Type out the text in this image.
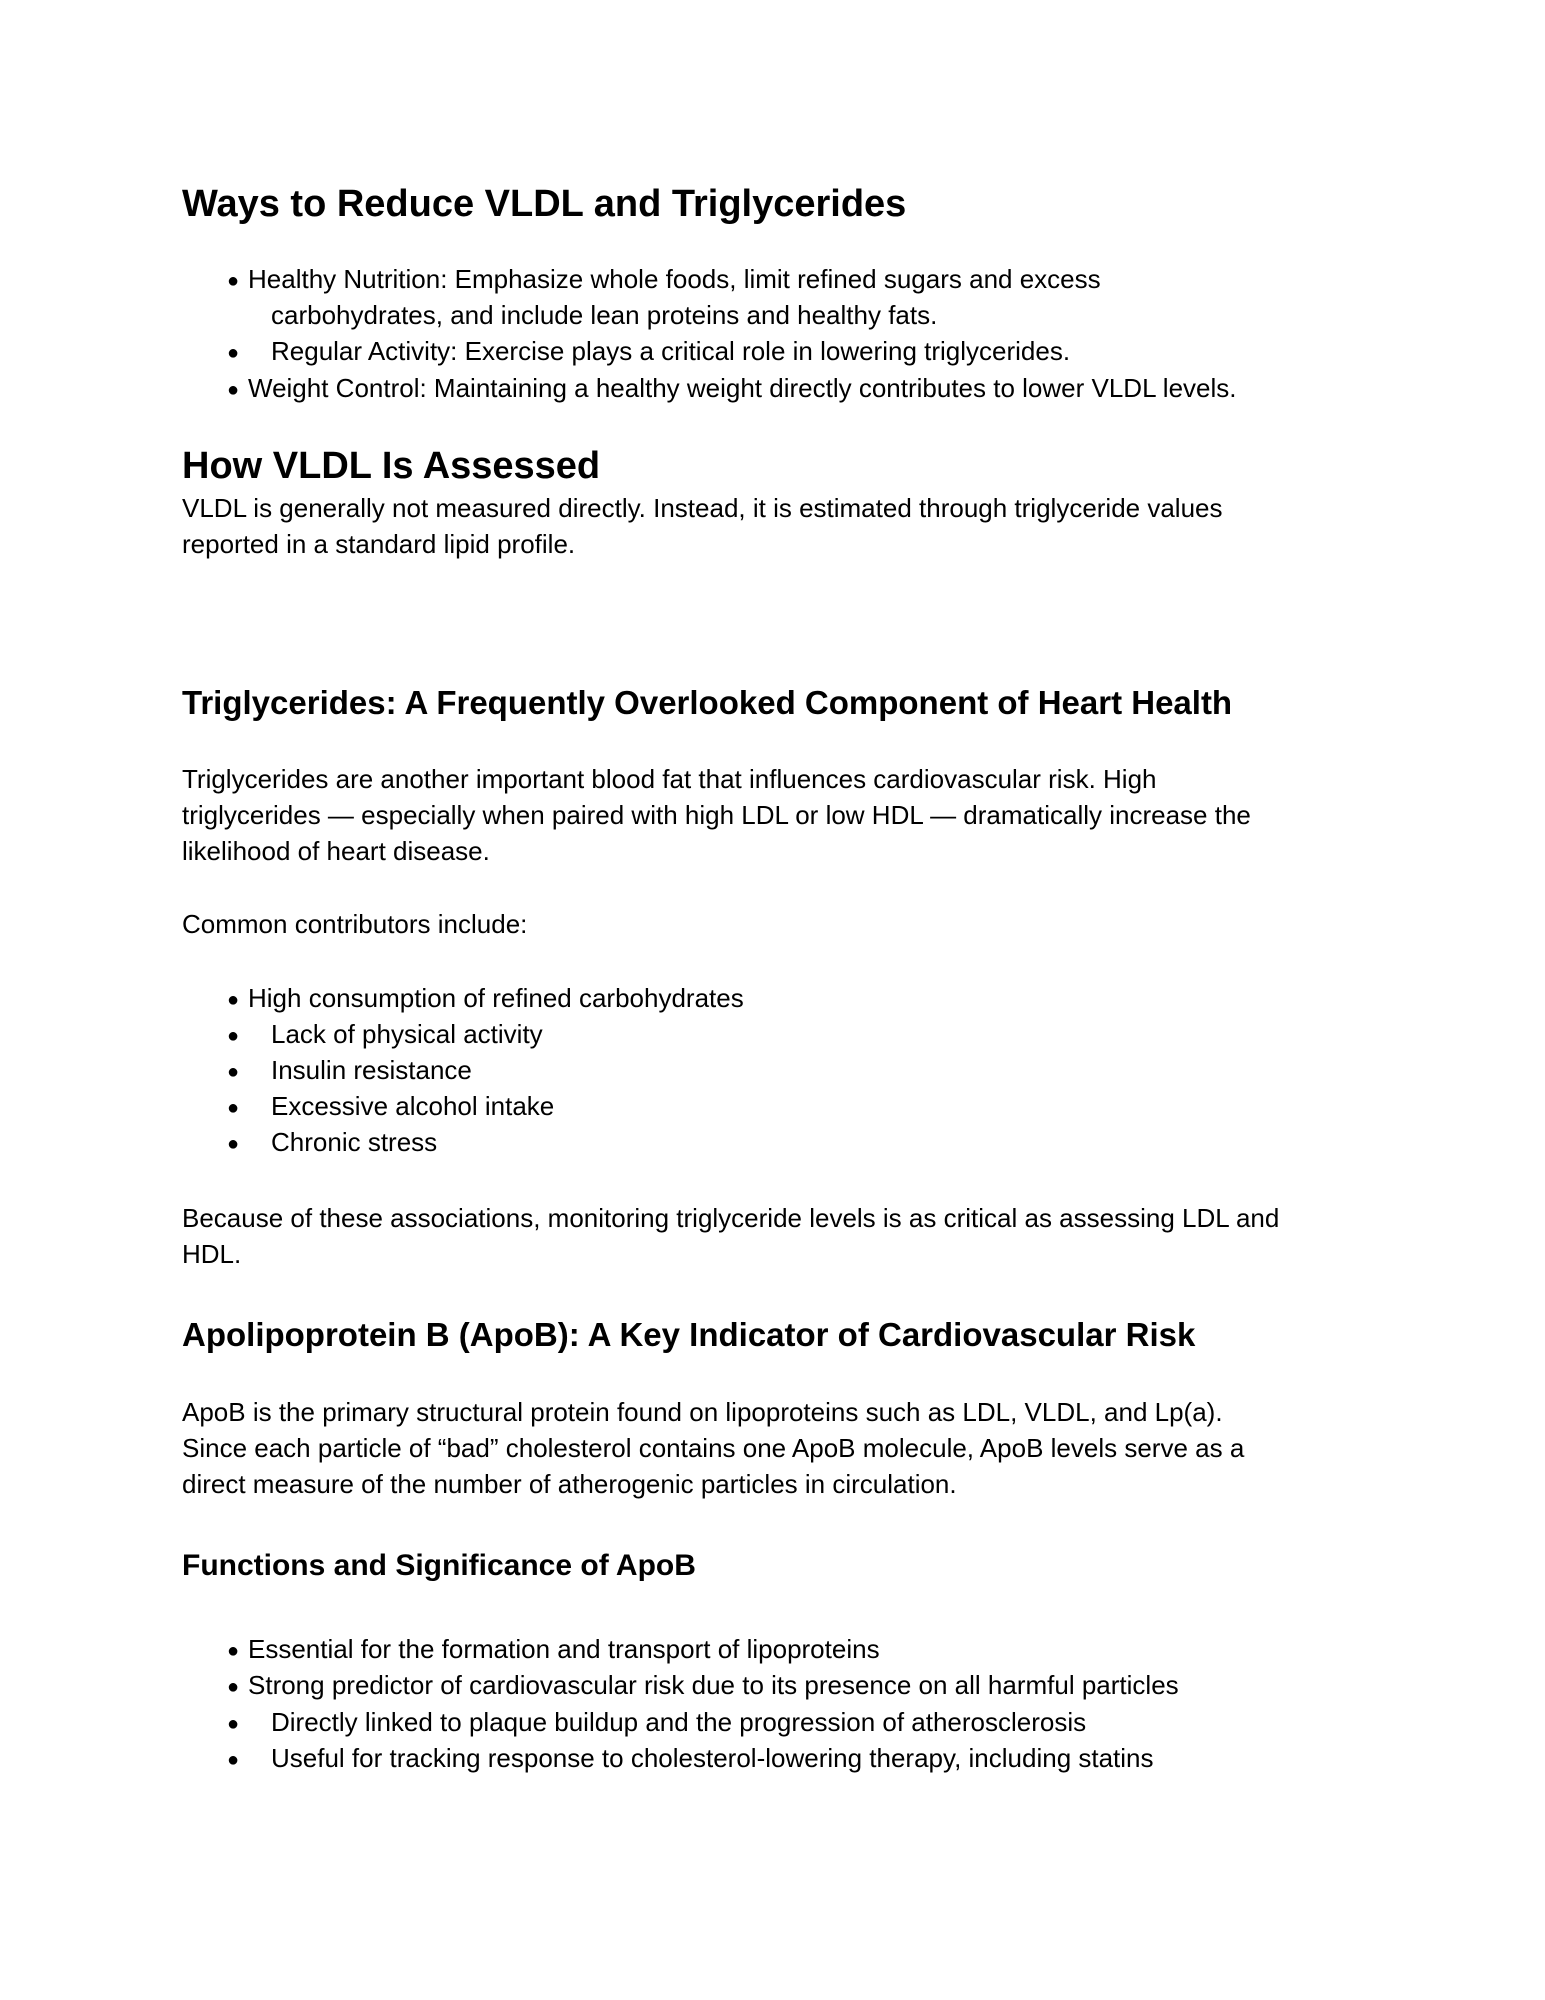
Ways to Reduce VLDL and Triglycerides
● Healthy Nutrition: Emphasize whole foods, limit refined sugars and excess
carbohydrates, and include lean proteins and healthy fats.
● Regular Activity: Exercise plays a critical role in lowering triglycerides.
● Weight Control: Maintaining a healthy weight directly contributes to lower VLDL levels.
How VLDL Is Assessed
VLDL is generally not measured directly. Instead, it is estimated through triglyceride values
reported in a standard lipid profile.
Triglycerides: A Frequently Overlooked Component of Heart Health
Triglycerides are another important blood fat that influences cardiovascular risk. High
triglycerides — especially when paired with high LDL or low HDL — dramatically increase the
likelihood of heart disease.
Common contributors include:
● High consumption of refined carbohydrates
● Lack of physical activity
● Insulin resistance
● Excessive alcohol intake
● Chronic stress
Because of these associations, monitoring triglyceride levels is as critical as assessing LDL and
HDL.
Apolipoprotein B (ApoB): A Key Indicator of Cardiovascular Risk
ApoB is the primary structural protein found on lipoproteins such as LDL, VLDL, and Lp(a).
Since each particle of “bad” cholesterol contains one ApoB molecule, ApoB levels serve as a
direct measure of the number of atherogenic particles in circulation.
Functions and Significance of ApoB
● Essential for the formation and transport of lipoproteins
● Strong predictor of cardiovascular risk due to its presence on all harmful particles
● Directly linked to plaque buildup and the progression of atherosclerosis
● Useful for tracking response to cholesterol-lowering therapy, including statins
